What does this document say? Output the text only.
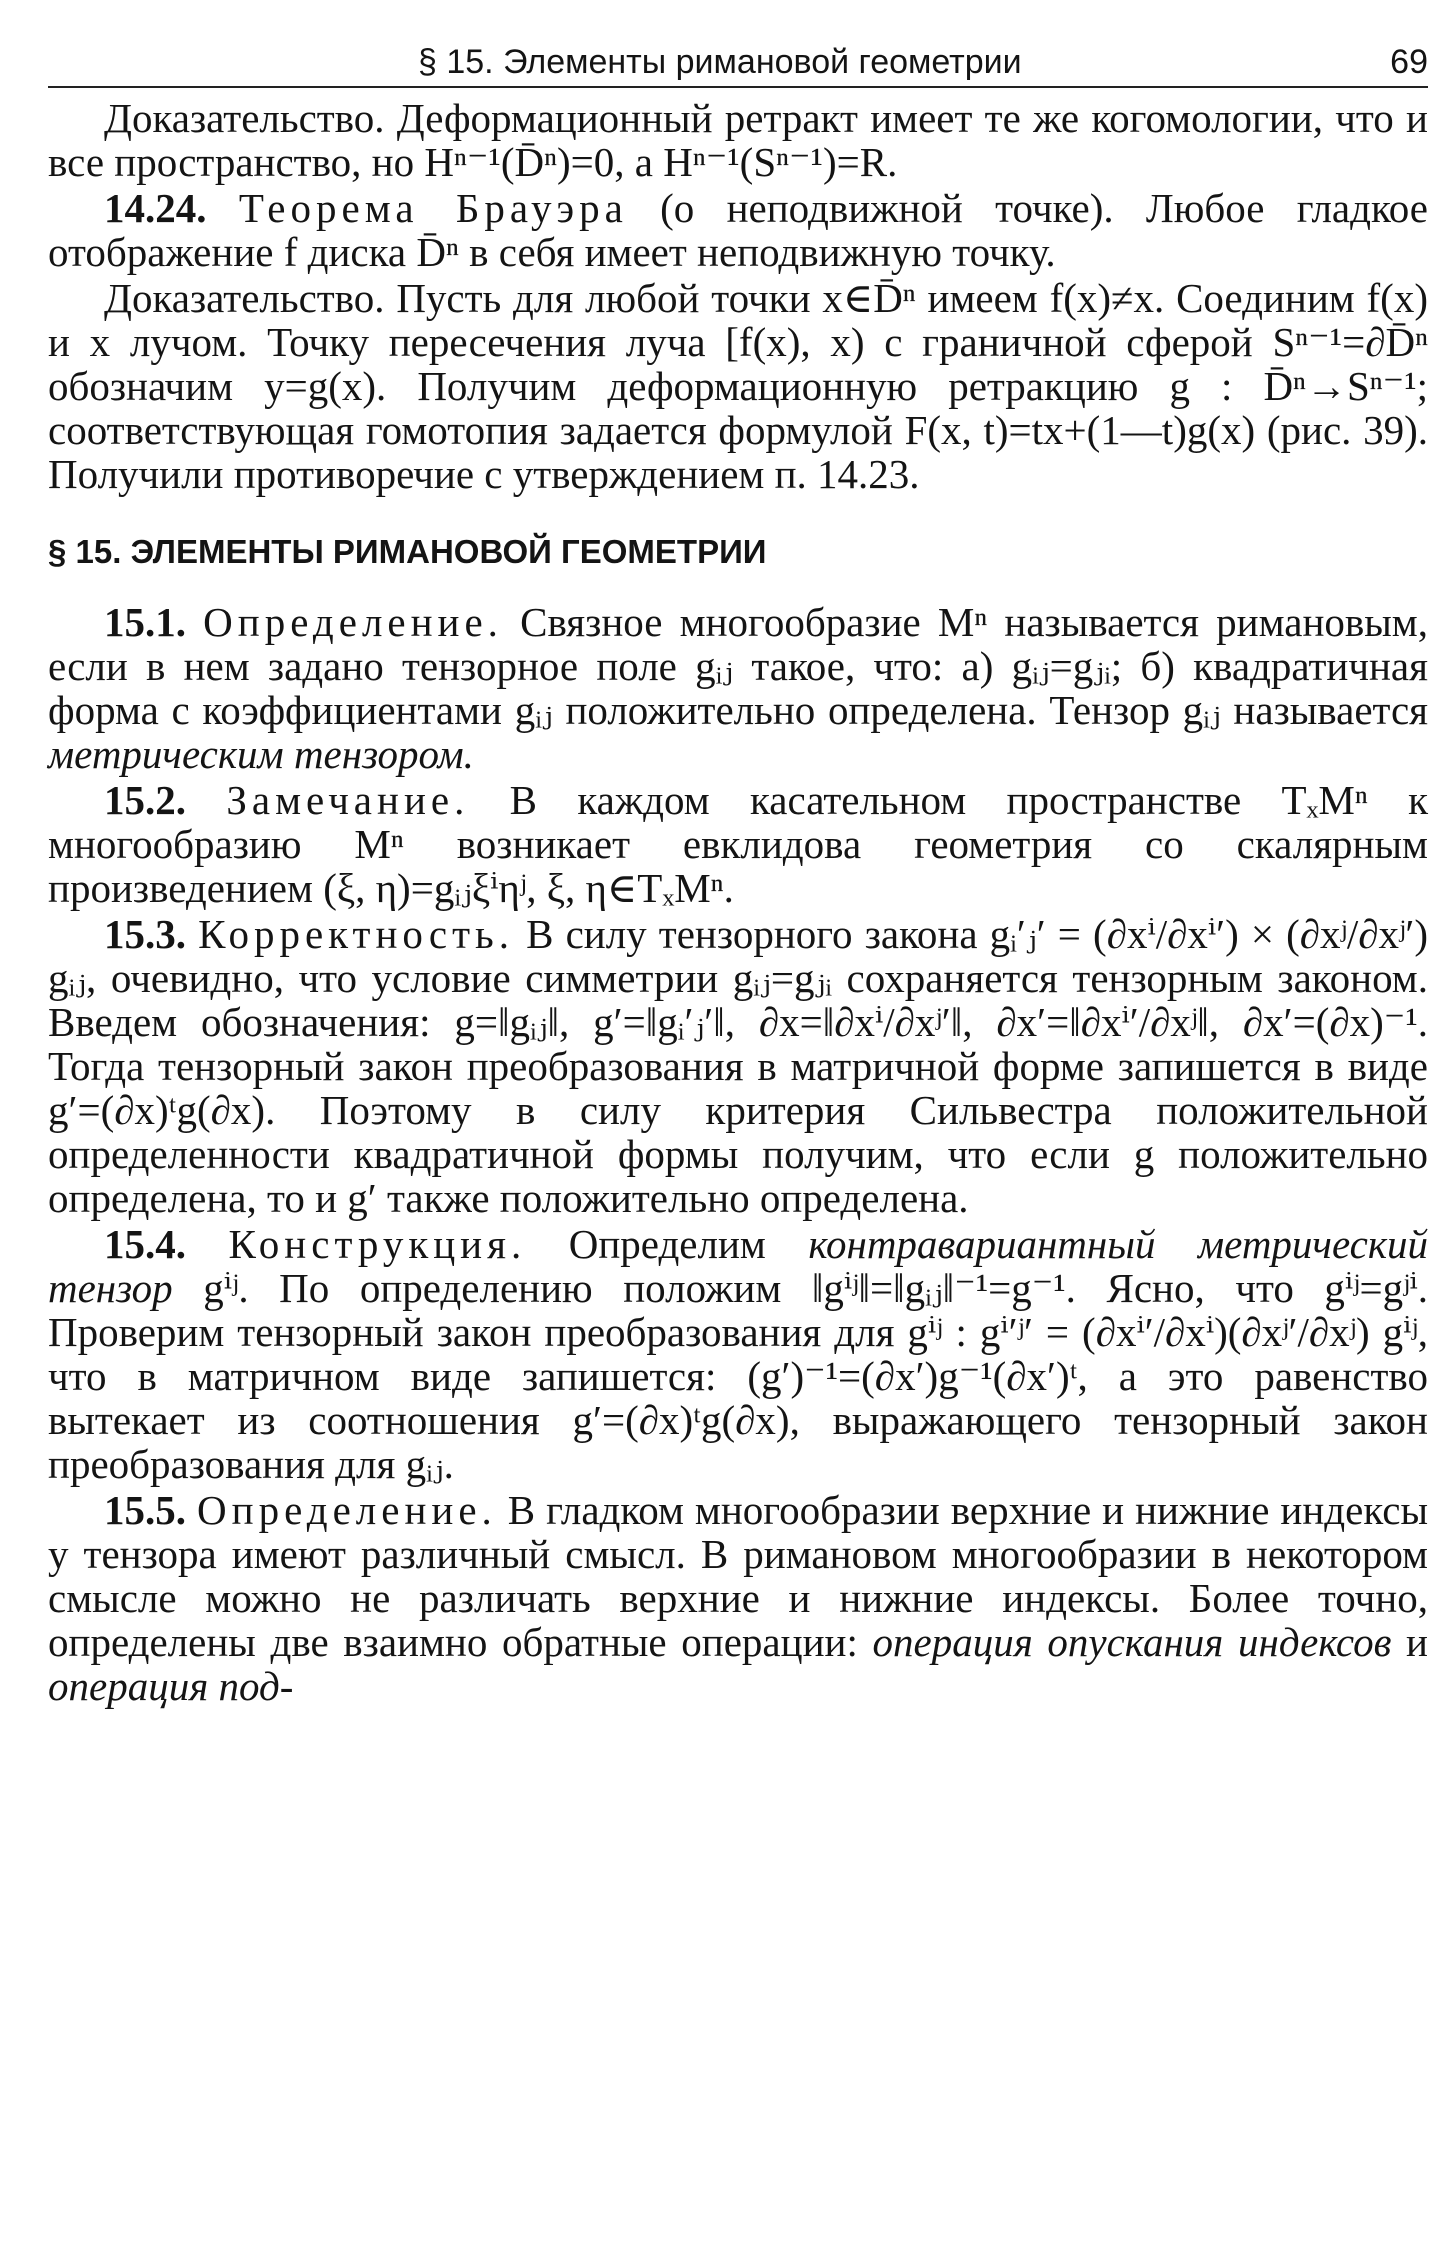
§ 15. Элементы римановой геометрии	69

Доказательство. Деформационный ретракт имеет те же когомологии, что и все пространство, но Hⁿ⁻¹(D̄ⁿ)=0, а Hⁿ⁻¹(Sⁿ⁻¹)=R.

14.24. Теорема Брауэра (о неподвижной точке). Любое гладкое отображение f диска D̄ⁿ в себя имеет неподвижную точку.

Доказательство. Пусть для любой точки x∈D̄ⁿ имеем f(x)≠x. Соединим f(x) и x лучом. Точку пересечения луча [f(x), x) с граничной сферой Sⁿ⁻¹=∂D̄ⁿ обозначим y=g(x). Получим деформационную ретракцию g : D̄ⁿ→Sⁿ⁻¹; соответствующая гомотопия задается формулой F(x, t)=tx+(1—t)g(x) (рис. 39). Получили противоречие с утверждением п. 14.23.

§ 15. ЭЛЕМЕНТЫ РИМАНОВОЙ ГЕОМЕТРИИ

15.1. Определение. Связное многообразие Mⁿ называется римановым, если в нем задано тензорное поле gᵢⱼ такое, что: а) gᵢⱼ=gⱼᵢ; б) квадратичная форма с коэффициентами gᵢⱼ положительно определена. Тензор gᵢⱼ называется метрическим тензором.

15.2. Замечание. В каждом касательном пространстве TₓMⁿ к многообразию Mⁿ возникает евклидова геометрия со скалярным произведением (ξ, η)=gᵢⱼξⁱηʲ, ξ, η∈TₓMⁿ.

15.3. Корректность. В силу тензорного закона gᵢ′ⱼ′ = (∂xⁱ/∂xⁱ′) × (∂xʲ/∂xʲ′) gᵢⱼ, очевидно, что условие симметрии gᵢⱼ=gⱼᵢ сохраняется тензорным законом. Введем обозначения: g=‖gᵢⱼ‖, g′=‖gᵢ′ⱼ′‖, ∂x=‖∂xⁱ/∂xʲ′‖, ∂x′=‖∂xⁱ′/∂xʲ‖, ∂x′=(∂x)⁻¹. Тогда тензорный закон преобразования в матричной форме запишется в виде g′=(∂x)ᵗg(∂x). Поэтому в силу критерия Сильвестра положительной определенности квадратичной формы получим, что если g положительно определена, то и g′ также положительно определена.

15.4. Конструкция. Определим контравариантный метрический тензор gⁱʲ. По определению положим ‖gⁱʲ‖=‖gᵢⱼ‖⁻¹=g⁻¹. Ясно, что gⁱʲ=gʲⁱ. Проверим тензорный закон преобразования для gⁱʲ : gⁱ′ʲ′ = (∂xⁱ′/∂xⁱ)(∂xʲ′/∂xʲ) gⁱʲ, что в матричном виде запишется: (g′)⁻¹=(∂x′)g⁻¹(∂x′)ᵗ, а это равенство вытекает из соотношения g′=(∂x)ᵗg(∂x), выражающего тензорный закон преобразования для gᵢⱼ.

15.5. Определение. В гладком многообразии верхние и нижние индексы у тензора имеют различный смысл. В римановом многообразии в некотором смысле можно не различать верхние и нижние индексы. Более точно, определены две взаимно обратные операции: операция опускания индексов и операция под-
